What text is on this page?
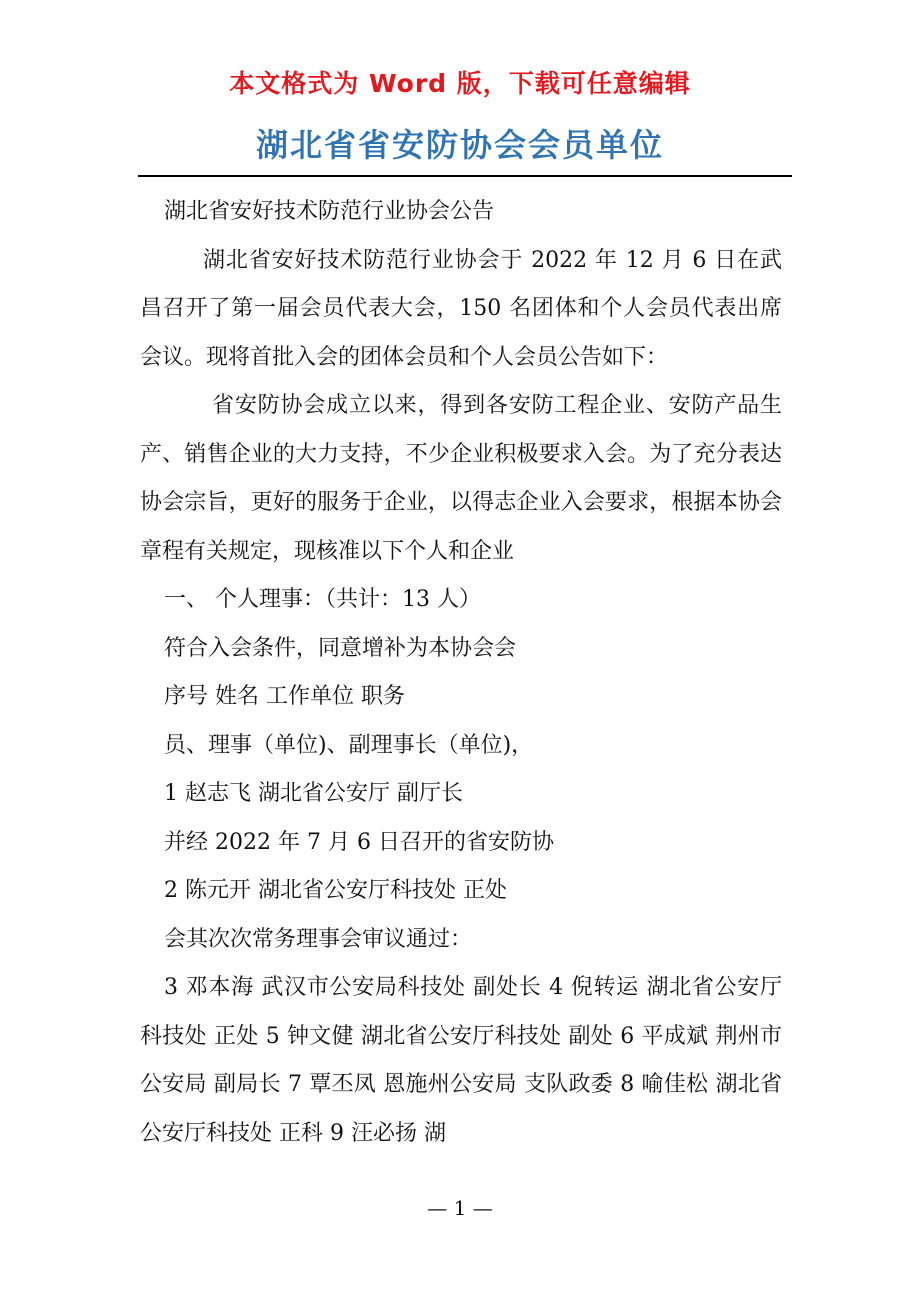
本文格式为 Word 版，下载可任意编辑
湖北省省安防协会会员单位

湖北省安好技术防范行业协会公告

湖北省安好技术防范行业协会于 2022 年 12 月 6 日在武昌召开了第一届会员代表大会，150 名团体和个人会员代表出席会议。现将首批入会的团体会员和个人会员公告如下：

省安防协会成立以来，得到各安防工程企业、安防产品生产、销售企业的大力支持，不少企业积极要求入会。为了充分表达协会宗旨，更好的服务于企业，以得志企业入会要求，根据本协会章程有关规定，现核准以下个人和企业

一、 个人理事：（共计：13 人）

符合入会条件，同意增补为本协会会

序号 姓名 工作单位 职务

员、理事（单位)、副理事长（单位)，

1 赵志飞 湖北省公安厅 副厅长

并经 2022 年 7 月 6 日召开的省安防协

2 陈元开 湖北省公安厅科技处 正处

会其次次常务理事会审议通过：

3 邓本海 武汉市公安局科技处 副处长 4 倪转运 湖北省公安厅科技处 正处 5 钟文健 湖北省公安厅科技处 副处 6 平成斌 荆州市公安局 副局长 7 覃丕凤 恩施州公安局 支队政委 8 喻佳松 湖北省公安厅科技处 正科 9 汪必扬 湖

— 1 —
